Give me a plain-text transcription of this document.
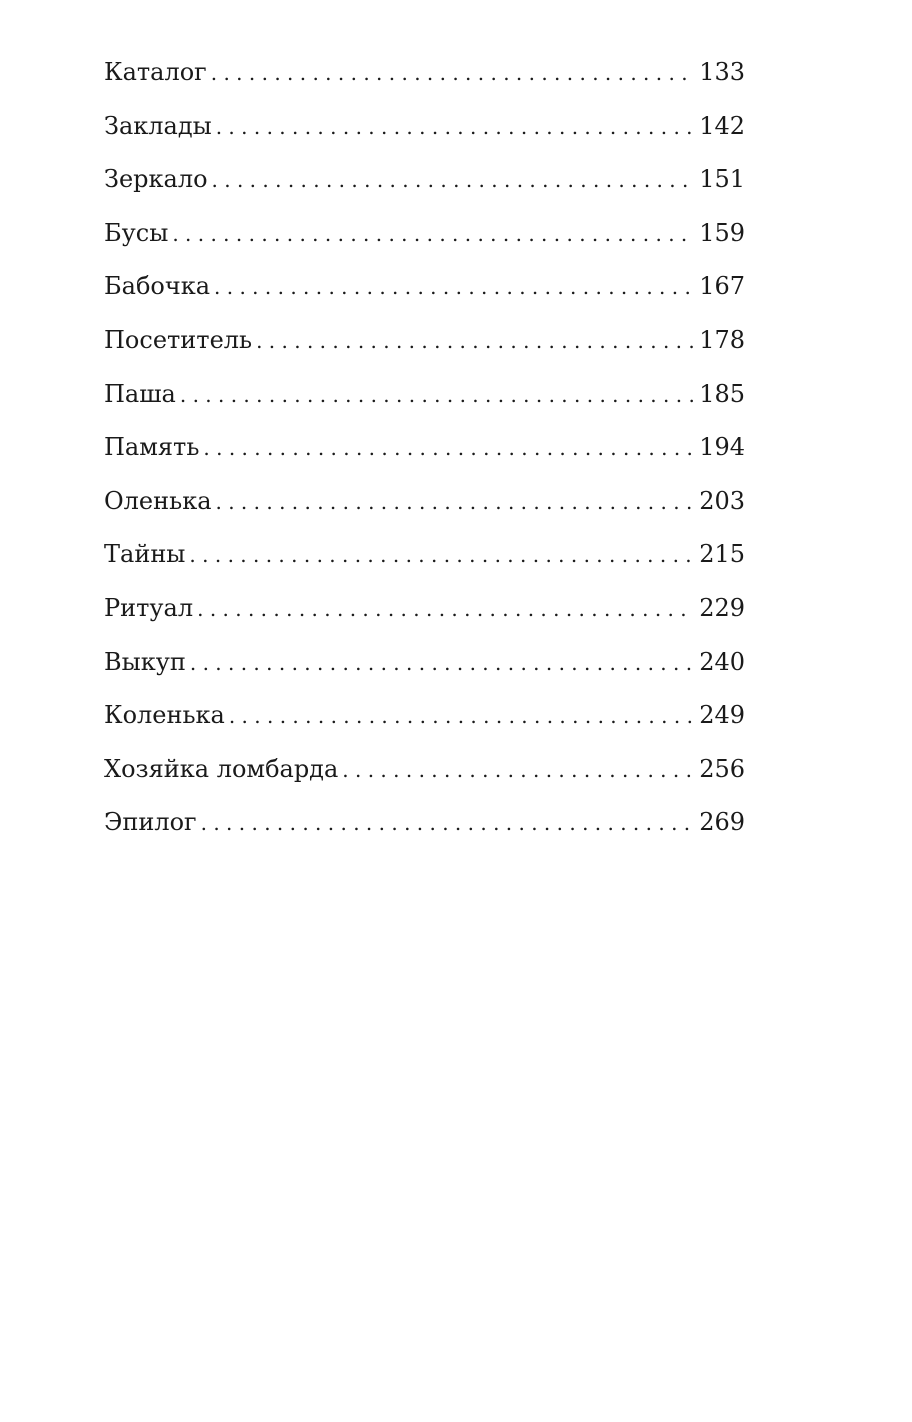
Каталог . . .	133
Заклады . . .	142
Зеркало . . .	151
Бусы . . .	159
Бабочка . . .	167
Посетитель . . .	178
Паша . . .	185
Память . . .	194
Оленька . . .	203
Тайны . . .	215
Ритуал . . .	229
Выкуп . . .	240
Коленька . . .	249
Хозяйка ломбарда . . .	256
Эпилог . . .	269
